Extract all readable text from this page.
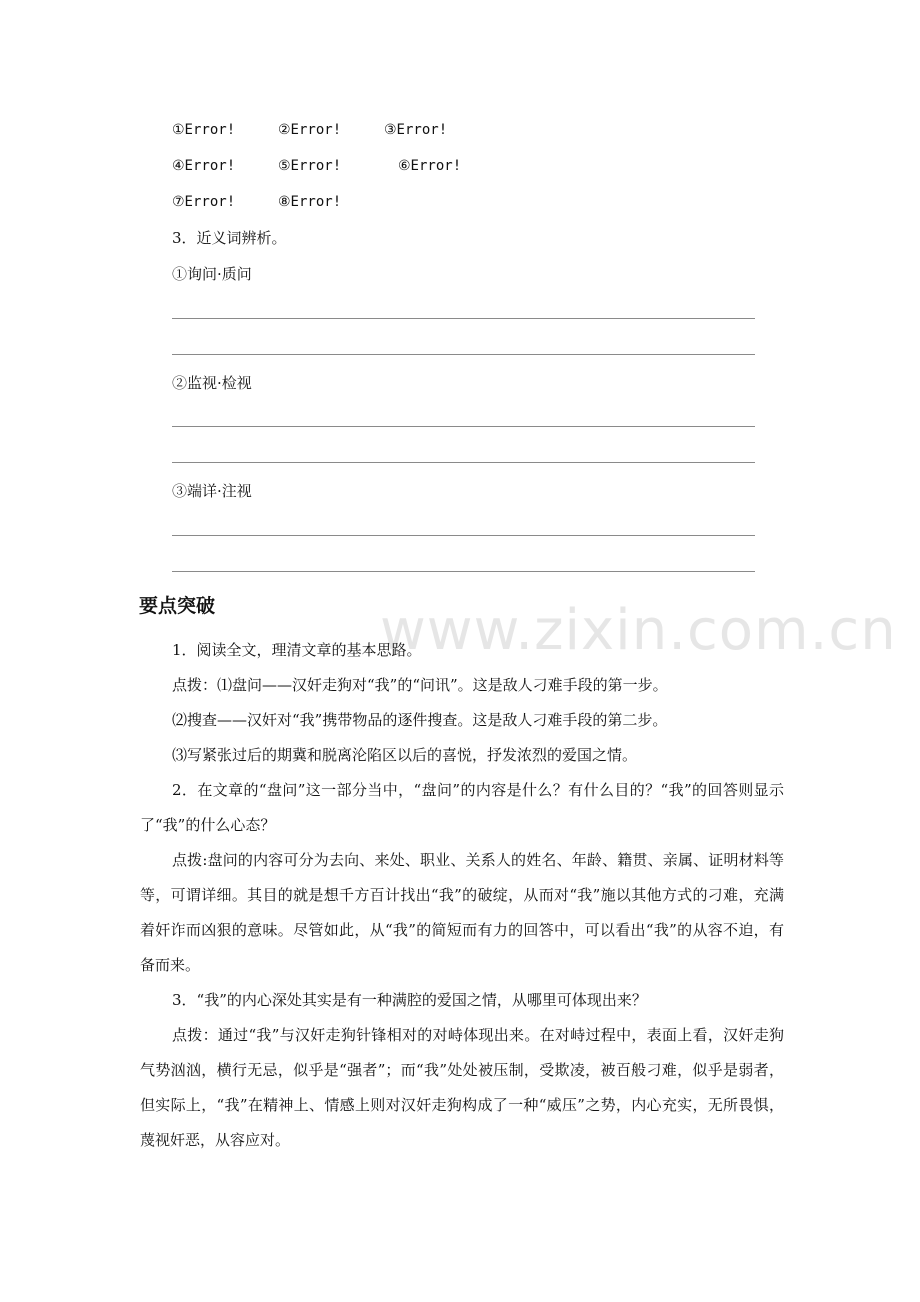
www.zixin.com.cn
①Error!	②Error!	③Error!
④Error!	⑤Error!	⑥Error!
⑦Error!	⑧Error!
3．近义词辨析。
①询问·质问
②监视·检视
③端详·注视
要点突破
1．阅读全文，理清文章的基本思路。
点拨：⑴盘问——汉奸走狗对“我”的“问讯”。这是敌人刁难手段的第一步。
⑵搜查——汉奸对“我”携带物品的逐件搜查。这是敌人刁难手段的第二步。
⑶写紧张过后的期冀和脱离沦陷区以后的喜悦，抒发浓烈的爱国之情。
2．在文章的“盘问”这一部分当中，“盘问”的内容是什么？有什么目的？“我”的回答则显示了“我”的什么心态？
点拨:盘问的内容可分为去向、来处、职业、关系人的姓名、年龄、籍贯、亲属、证明材料等等，可谓详细。其目的就是想千方百计找出“我”的破绽，从而对“我”施以其他方式的刁难，充满着奸诈而凶狠的意味。尽管如此，从“我”的简短而有力的回答中，可以看出“我”的从容不迫，有备而来。
3．“我”的内心深处其实是有一种满腔的爱国之情，从哪里可体现出来？
点拨：通过“我”与汉奸走狗针锋相对的对峙体现出来。在对峙过程中，表面上看，汉奸走狗气势汹汹，横行无忌，似乎是“强者”；而“我”处处被压制，受欺凌，被百般刁难，似乎是弱者，但实际上，“我”在精神上、情感上则对汉奸走狗构成了一种“威压”之势，内心充实，无所畏惧，蔑视奸恶，从容应对。
